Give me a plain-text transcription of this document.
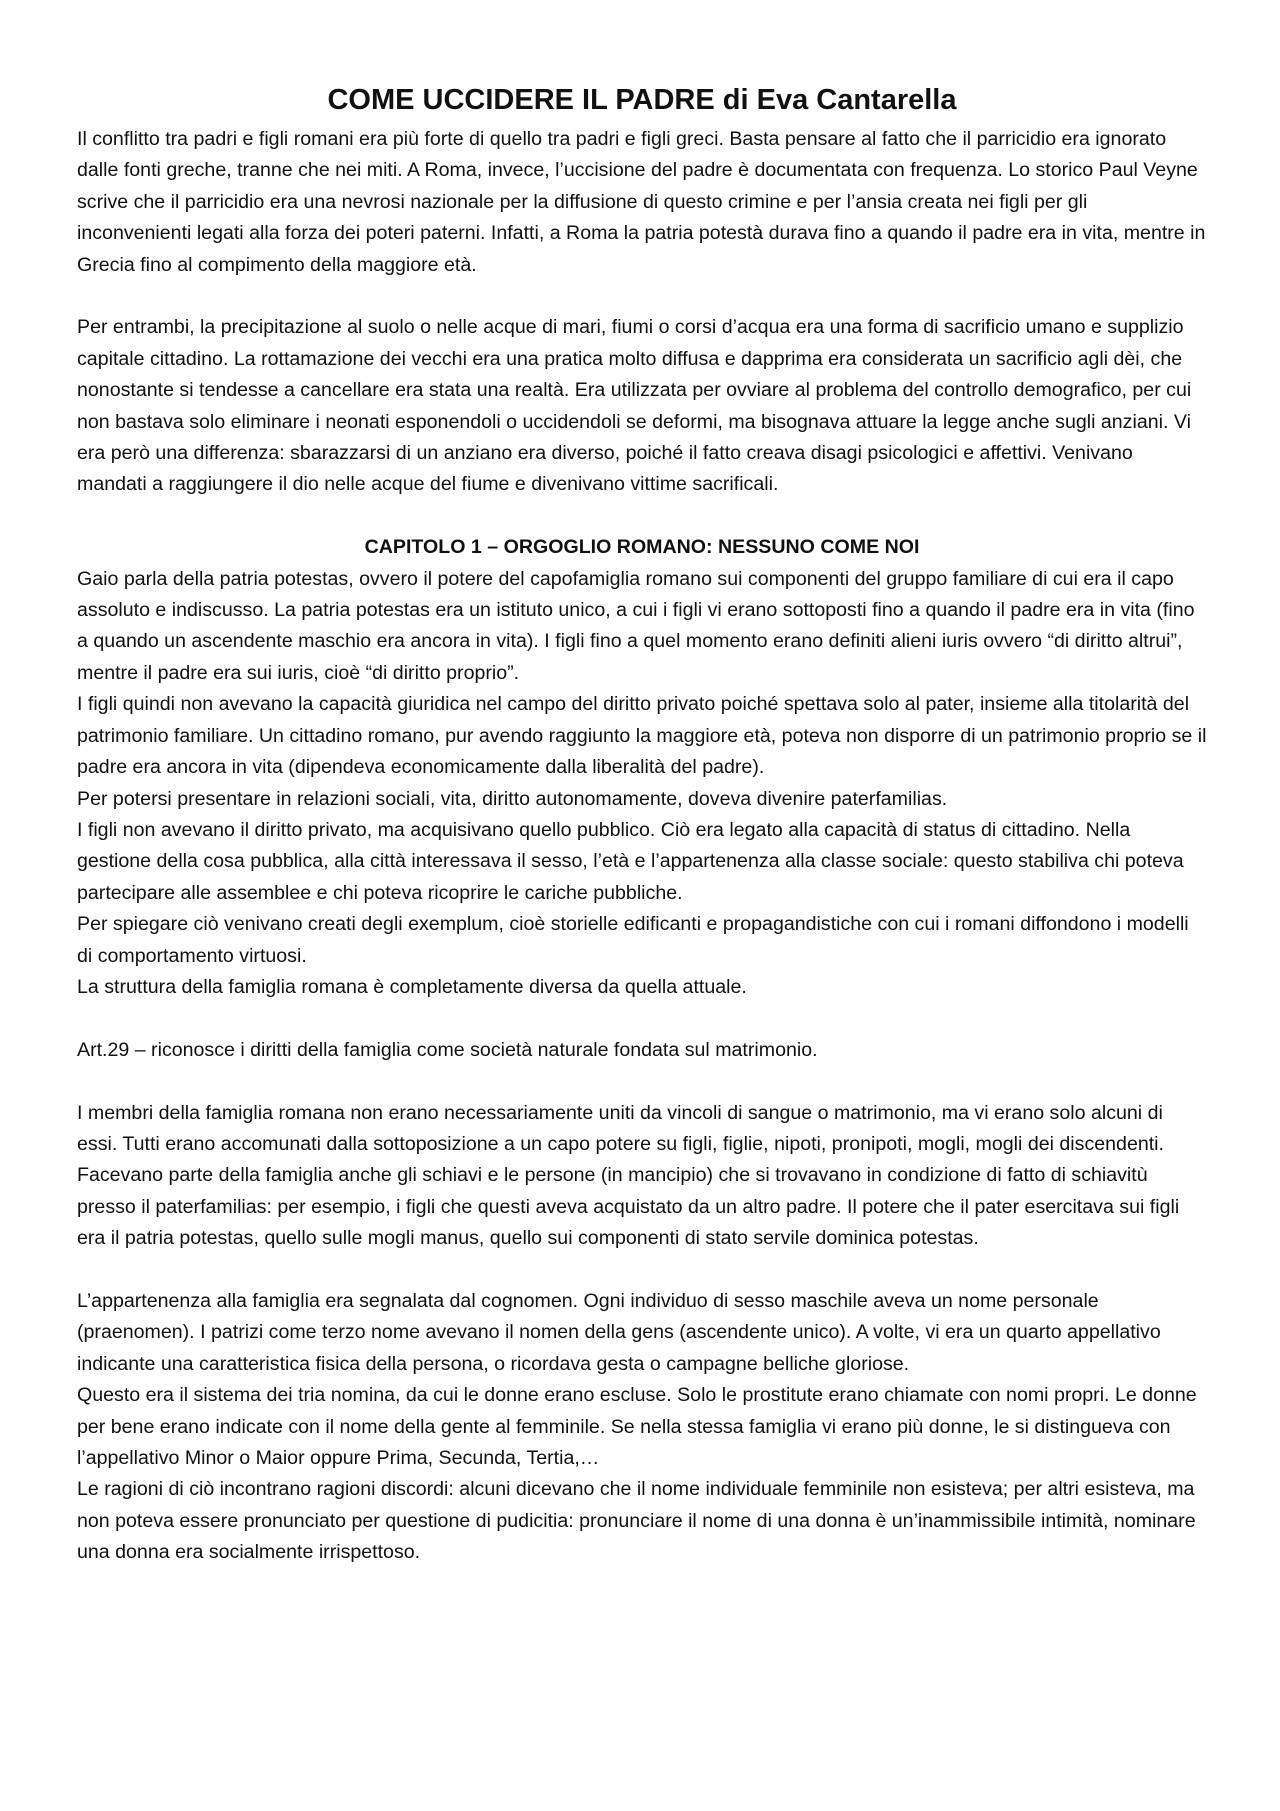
COME UCCIDERE IL PADRE di Eva Cantarella

Il conflitto tra padri e figli romani era più forte di quello tra padri e figli greci. Basta pensare al fatto che il parricidio era ignorato dalle fonti greche, tranne che nei miti. A Roma, invece, l’uccisione del padre è documentata con frequenza. Lo storico Paul Veyne scrive che il parricidio era una nevrosi nazionale per la diffusione di questo crimine e per l’ansia creata nei figli per gli inconvenienti legati alla forza dei poteri paterni. Infatti, a Roma la patria potestà durava fino a quando il padre era in vita, mentre in Grecia fino al compimento della maggiore età.

Per entrambi, la precipitazione al suolo o nelle acque di mari, fiumi o corsi d’acqua era una forma di sacrificio umano e supplizio capitale cittadino. La rottamazione dei vecchi era una pratica molto diffusa e dapprima era considerata un sacrificio agli dèi, che nonostante si tendesse a cancellare era stata una realtà. Era utilizzata per ovviare al problema del controllo demografico, per cui non bastava solo eliminare i neonati esponendoli o uccidendoli se deformi, ma bisognava attuare la legge anche sugli anziani. Vi era però una differenza: sbarazzarsi di un anziano era diverso, poiché il fatto creava disagi psicologici e affettivi. Venivano mandati a raggiungere il dio nelle acque del fiume e divenivano vittime sacrificali.

CAPITOLO 1 – ORGOGLIO ROMANO: NESSUNO COME NOI

Gaio parla della patria potestas, ovvero il potere del capofamiglia romano sui componenti del gruppo familiare di cui era il capo assoluto e indiscusso. La patria potestas era un istituto unico, a cui i figli vi erano sottoposti fino a quando il padre era in vita (fino a quando un ascendente maschio era ancora in vita). I figli fino a quel momento erano definiti alieni iuris ovvero “di diritto altrui”, mentre il padre era sui iuris, cioè “di diritto proprio”.

I figli quindi non avevano la capacità giuridica nel campo del diritto privato poiché spettava solo al pater, insieme alla titolarità del patrimonio familiare. Un cittadino romano, pur avendo raggiunto la maggiore età, poteva non disporre di un patrimonio proprio se il padre era ancora in vita (dipendeva economicamente dalla liberalità del padre).

Per potersi presentare in relazioni sociali, vita, diritto autonomamente, doveva divenire paterfamilias.

I figli non avevano il diritto privato, ma acquisivano quello pubblico. Ciò era legato alla capacità di status di cittadino. Nella gestione della cosa pubblica, alla città interessava il sesso, l’età e l’appartenenza alla classe sociale: questo stabiliva chi poteva partecipare alle assemblee e chi poteva ricoprire le cariche pubbliche.

Per spiegare ciò venivano creati degli exemplum, cioè storielle edificanti e propagandistiche con cui i romani diffondono i modelli di comportamento virtuosi.

La struttura della famiglia romana è completamente diversa da quella attuale.

Art.29 – riconosce i diritti della famiglia come società naturale fondata sul matrimonio.

I membri della famiglia romana non erano necessariamente uniti da vincoli di sangue o matrimonio, ma vi erano solo alcuni di essi. Tutti erano accomunati dalla sottoposizione a un capo potere su figli, figlie, nipoti, pronipoti, mogli, mogli dei discendenti. Facevano parte della famiglia anche gli schiavi e le persone (in mancipio) che si trovavano in condizione di fatto di schiavitù presso il paterfamilias: per esempio, i figli che questi aveva acquistato da un altro padre. Il potere che il pater esercitava sui figli era il patria potestas, quello sulle mogli manus, quello sui componenti di stato servile dominica potestas.

L’appartenenza alla famiglia era segnalata dal cognomen. Ogni individuo di sesso maschile aveva un nome personale (praenomen). I patrizi come terzo nome avevano il nomen della gens (ascendente unico). A volte, vi era un quarto appellativo indicante una caratteristica fisica della persona, o ricordava gesta o campagne belliche gloriose.

Questo era il sistema dei tria nomina, da cui le donne erano escluse. Solo le prostitute erano chiamate con nomi propri. Le donne per bene erano indicate con il nome della gente al femminile. Se nella stessa famiglia vi erano più donne, le si distingueva con l’appellativo Minor o Maior oppure Prima, Secunda, Tertia,…

Le ragioni di ciò incontrano ragioni discordi: alcuni dicevano che il nome individuale femminile non esisteva; per altri esisteva, ma non poteva essere pronunciato per questione di pudicitia: pronunciare il nome di una donna è un’inammissibile intimità, nominare una donna era socialmente irrispettoso.
